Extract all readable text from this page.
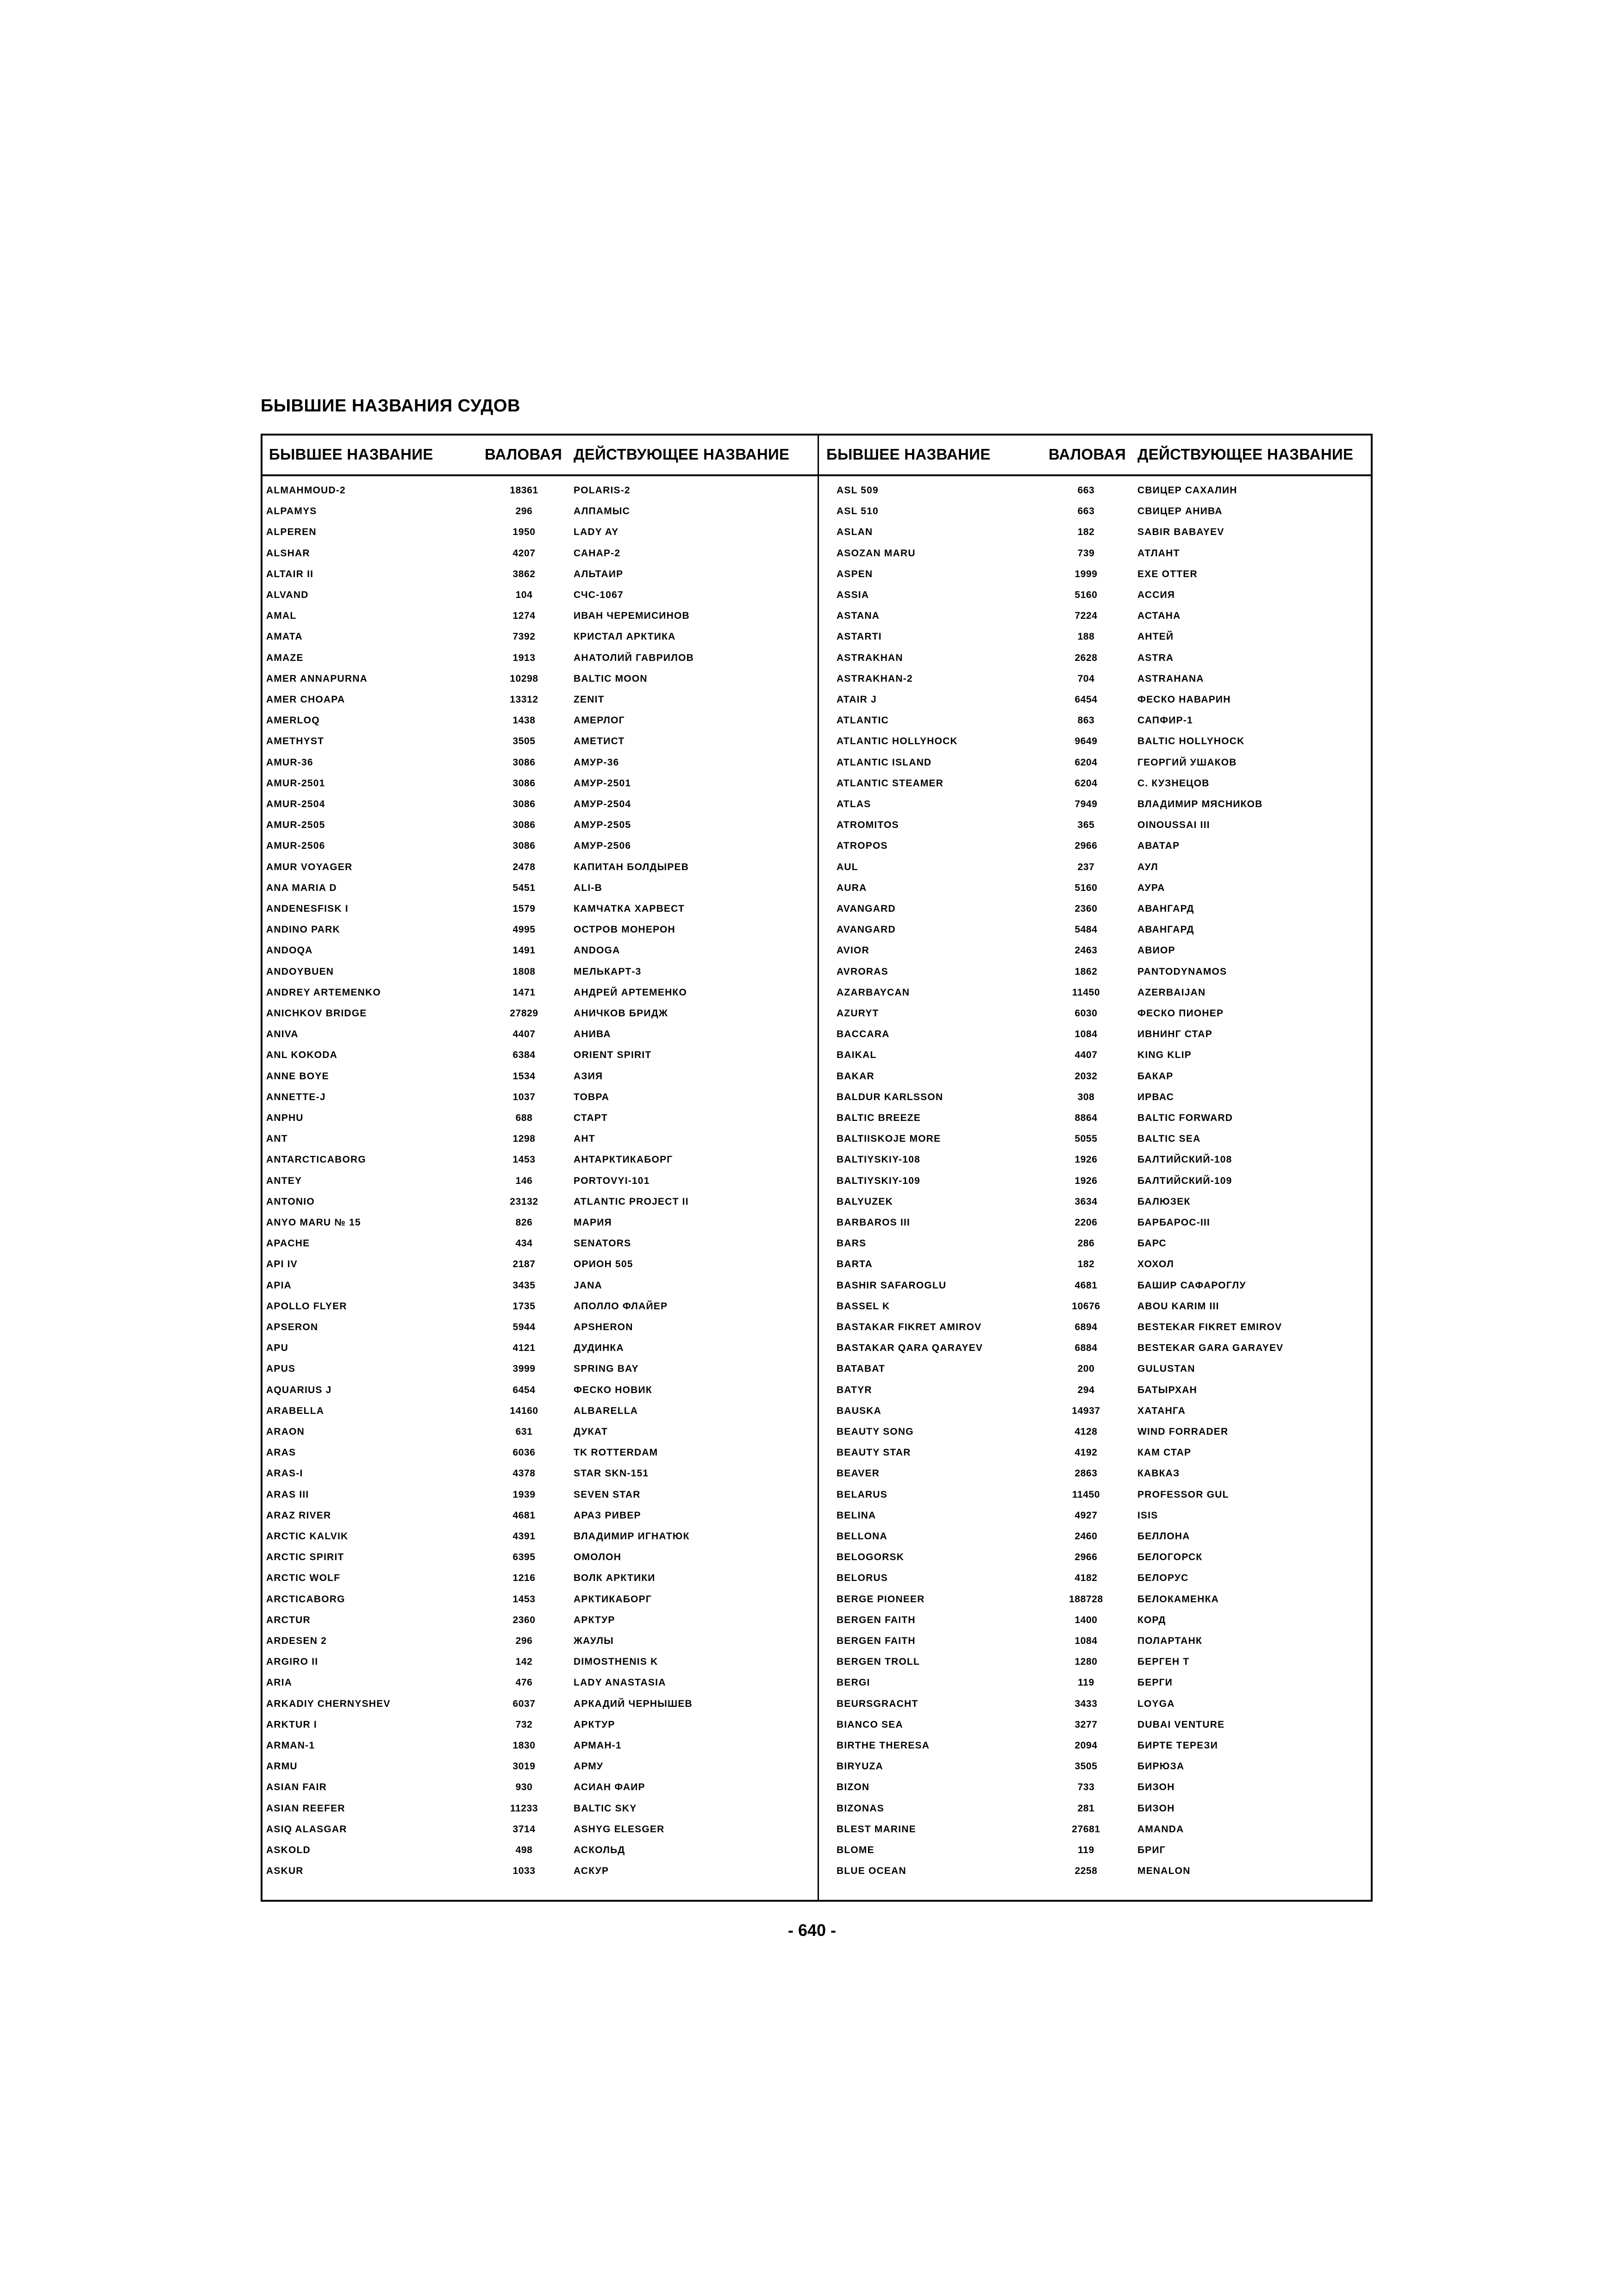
БЫВШИЕ НАЗВАНИЯ СУДОВ
БЫВШЕЕ НАЗВАНИЕ	ВАЛОВАЯ ДЕЙСТВУЮЩЕЕ НАЗВАНИЕ
ALMAHMOUD-2	18361	POLARIS-2
ALPAMYS	296	АЛПАМЫС
ALPEREN	1950	LADY AY
ALSHAR	4207	САНАР-2
ALTAIR II	3862	АЛЬТАИР
ALVAND	104	СЧС-1067
AMAL	1274	ИВАН ЧЕРЕМИСИНОВ
AMATA	7392	КРИСТАЛ АРКТИКА
AMAZE	1913	АНАТОЛИЙ ГАВРИЛОВ
AMER ANNAPURNA	10298	BALTIC MOON
AMER CHOAPA	13312	ZENIT
AMERLOQ	1438	АМЕРЛОГ
AMETHYST	3505	АМЕТИСТ
AMUR-36	3086	АМУР-36
AMUR-2501	3086	АМУР-2501
AMUR-2504	3086	АМУР-2504
AMUR-2505	3086	АМУР-2505
AMUR-2506	3086	АМУР-2506
AMUR VOYAGER	2478	КАПИТАН БОЛДЫРЕВ
ANA MARIA D	5451	ALI-B
ANDENESFISK I	1579	КАМЧАТКА ХАРВЕСТ
ANDINO PARK	4995	ОСТРОВ МОНЕРОН
ANDOQA	1491	ANDOGA
ANDOYBUEN	1808	МЕЛЬКАРТ-3
ANDREY ARTEMENKO	1471	АНДРЕЙ АРТЕМЕНКО
ANICHKOV BRIDGE	27829	АНИЧКОВ БРИДЖ
ANIVA	4407	АНИВА
ANL KOKODA	6384	ORIENT SPIRIT
ANNE BOYE	1534	АЗИЯ
ANNETTE-J	1037	ТОВРА
ANPHU	688	СТАРТ
ANT	1298	АНТ
ANTARCTICABORG	1453	АНТАРКТИКАБОРГ
ANTEY	146	PORTOVYI-101
ANTONIO	23132	ATLANTIC PROJECT II
ANYO MARU № 15	826	МАРИЯ
APACHE	434	SENATORS
API IV	2187	ОРИОН 505
APIA	3435	JANA
APOLLO FLYER	1735	АПОЛЛО ФЛАЙЕР
APSERON	5944	APSHERON
APU	4121	ДУДИНКА
APUS	3999	SPRING BAY
AQUARIUS J	6454	ФЕСКО НОВИК
ARABELLA	14160	ALBARELLA
ARAON	631	ДУКАТ
ARAS	6036	TK ROTTERDAM
ARAS-I	4378	STAR SKN-151
ARAS III	1939	SEVEN STAR
ARAZ RIVER	4681	АРАЗ РИВЕР
ARCTIC KALVIK	4391	ВЛАДИМИР ИГНАТЮК
ARCTIC SPIRIT	6395	ОМОЛОН
ARCTIC WOLF	1216	ВОЛК АРКТИКИ
ARCTICABORG	1453	АРКТИКАБОРГ
ARCTUR	2360	АРКТУР
ARDESEN 2	296	ЖАУЛЫ
ARGIRO II	142	DIMOSTHENIS K
ARIA	476	LADY ANASTASIA
ARKADIY CHERNYSHEV	6037	АРКАДИЙ ЧЕРНЫШЕВ
ARKTUR I	732	АРКТУР
ARMAN-1	1830	АРМАН-1
ARMU	3019	АРМУ
ASIAN FAIR	930	АСИАН ФАИР
ASIAN REEFER	11233	BALTIC SKY
ASIQ ALASGAR	3714	ASHYG ELESGER
ASKOLD	498	АСКОЛЬД
ASKUR	1033	АСКУР
БЫВШЕЕ НАЗВАНИЕ	ВАЛОВАЯ ДЕЙСТВУЮЩЕЕ НАЗВАНИЕ
ASL 509	663	СВИЦЕР САХАЛИН
ASL 510	663	СВИЦЕР АНИВА
ASLAN	182	SABIR BABAYEV
ASOZAN MARU	739	АТЛАНТ
ASPEN	1999	EXE OTTER
ASSIA	5160	АССИЯ
ASTANA	7224	АСТАНА
ASTARTI	188	АНТЕЙ
ASTRAKHAN	2628	ASTRA
ASTRAKHAN-2	704	ASTRAHANA
ATAIR J	6454	ФЕСКО НАВАРИН
ATLANTIC	863	САПФИР-1
ATLANTIC HOLLYHOCK	9649	BALTIC HOLLYHOCK
ATLANTIC ISLAND	6204	ГЕОРГИЙ УШАКОВ
ATLANTIC STEAMER	6204	С. КУЗНЕЦОВ
ATLAS	7949	ВЛАДИМИР МЯСНИКОВ
ATROMITOS	365	OINOUSSAI III
ATROPOS	2966	АВАТАР
AUL	237	АУЛ
AURA	5160	АУРА
AVANGARD	2360	АВАНГАРД
AVANGARD	5484	АВАНГАРД
AVIOR	2463	АВИОР
AVRORAS	1862	PANTODYNAMOS
AZARBAYCAN	11450	AZERBAIJAN
AZURYT	6030	ФЕСКО ПИОНЕР
BACCARA	1084	ИВНИНГ СТАР
BAIKAL	4407	KING KLIP
BAKAR	2032	БАКАР
BALDUR KARLSSON	308	ИРВАС
BALTIC BREEZE	8864	BALTIC FORWARD
BALTIISKOJE MORE	5055	BALTIC SEA
BALTIYSKIY-108	1926	БАЛТИЙСКИЙ-108
BALTIYSKIY-109	1926	БАЛТИЙСКИЙ-109
BALYUZEK	3634	БАЛЮЗЕК
BARBAROS III	2206	БАРБАРОС-III
BARS	286	БАРС
BARTA	182	ХОХОЛ
BASHIR SAFAROGLU	4681	БАШИР САФАРОГЛУ
BASSEL K	10676	ABOU KARIM III
BASTAKAR FIKRET AMIROV	6894	BESTEKAR FIKRET EMIROV
BASTAKAR QARA QARAYEV	6884	BESTEKAR GARA GARAYEV
BATABAT	200	GULUSTAN
BATYR	294	БАТЫРХАН
BAUSKA	14937	ХАТАНГА
BEAUTY SONG	4128	WIND FORRADER
BEAUTY STAR	4192	КАМ СТАР
BEAVER	2863	КАВКАЗ
BELARUS	11450	PROFESSOR GUL
BELINA	4927	ISIS
BELLONA	2460	БЕЛЛОНА
BELOGORSK	2966	БЕЛОГОРСК
BELORUS	4182	БЕЛОРУС
BERGE PIONEER	188728	БЕЛОКАМЕНКА
BERGEN FAITH	1400	КОРД
BERGEN FAITH	1084	ПОЛАРТАНК
BERGEN TROLL	1280	БЕРГЕН Т
BERGI	119	БЕРГИ
BEURSGRACHT	3433	LOYGA
BIANCO SEA	3277	DUBAI VENTURE
BIRTHE THERESA	2094	БИРТЕ ТЕРЕЗИ
BIRYUZA	3505	БИРЮЗА
BIZON	733	БИЗОН
BIZONAS	281	БИЗОН
BLEST MARINE	27681	AMANDA
BLOME	119	БРИГ
BLUE OCEAN	2258	MENALON
- 640 -
